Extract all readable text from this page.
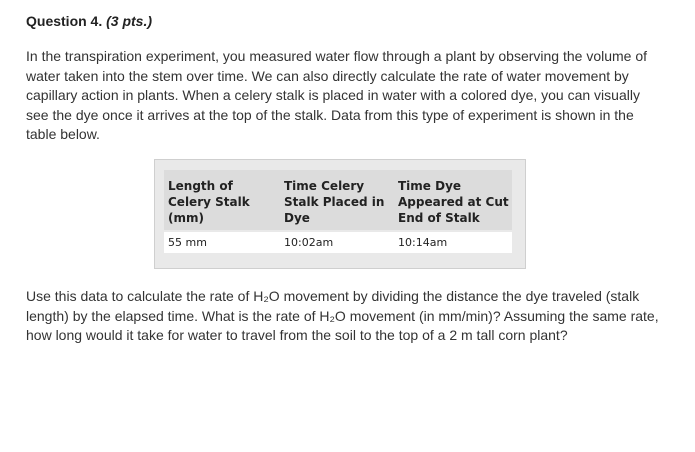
Question 4. (3 pts.)
In the transpiration experiment, you measured water flow through a plant by observing the volume of water taken into the stem over time. We can also directly calculate the rate of water movement by capillary action in plants. When a celery stalk is placed in water with a colored dye, you can visually see the dye once it arrives at the top of the stalk. Data from this type of experiment is shown in the table below.
Length of Celery Stalk (mm)	Time Celery Stalk Placed in Dye	Time Dye Appeared at Cut End of Stalk
55 mm	10:02am	10:14am
Use this data to calculate the rate of H₂O movement by dividing the distance the dye traveled (stalk length) by the elapsed time. What is the rate of H₂O movement (in mm/min)? Assuming the same rate, how long would it take for water to travel from the soil to the top of a 2 m tall corn plant?
